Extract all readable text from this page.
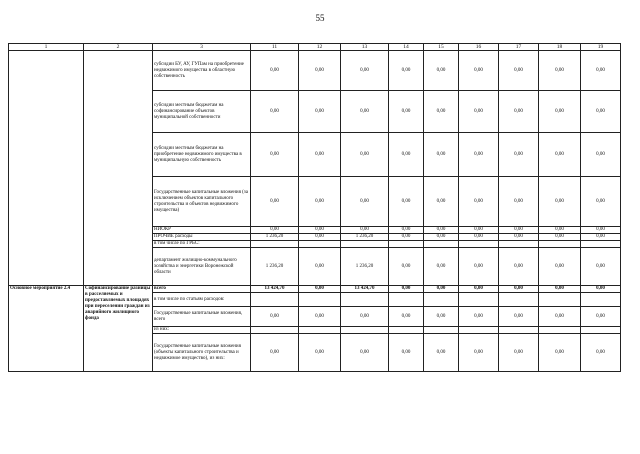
55
1	2	3	11	12	13	14	15	16	17	18	19
		субсидии БУ, АУ, ГУПам на приобретение недвижимого имущества в областную собственность	0,00	0,00	0,00	0,00	0,00	0,00	0,00	0,00	0,00
		субсидии местным бюджетам на софинансирование объектов муниципальной собственности	0,00	0,00	0,00	0,00	0,00	0,00	0,00	0,00	0,00
		субсидии местным бюджетам на приобретение недвижимого имущества в муниципальную собственность	0,00	0,00	0,00	0,00	0,00	0,00	0,00	0,00	0,00
		Государственные капитальные вложения (за исключением объектов капитального строительства и объектов недвижимого имущества)	0,00	0,00	0,00	0,00	0,00	0,00	0,00	0,00	0,00
		НИОКР	0,00	0,00	0,00	0,00	0,00	0,00	0,00	0,00	0,00
		ПРОЧИЕ расходы	1 236,20	0,00	1 236,20	0,00	0,00	0,00	0,00	0,00	0,00
		в том числе по ГРБС:									
		департамент жилищно-коммунального хозяйства и энергетики Воронежской области	1 236,20	0,00	1 236,20	0,00	0,00	0,00	0,00	0,00	0,00
Основное мероприятие 2.4	Софинансирование разницы в расселяемых и предоставляемых площадях при переселении граждан из аварийного жилищного фонда	всего	13 424,70	0,00	13 424,70	0,00	0,00	0,00	0,00	0,00	0,00
		в том числе по статьям расходов:									
		Государственные капитальные вложения, всего	0,00	0,00	0,00	0,00	0,00	0,00	0,00	0,00	0,00
		из них:									
		Государственные капитальные вложения (объекты капитального строительства и недвижимое имущество), из них:	0,00	0,00	0,00	0,00	0,00	0,00	0,00	0,00	0,00
